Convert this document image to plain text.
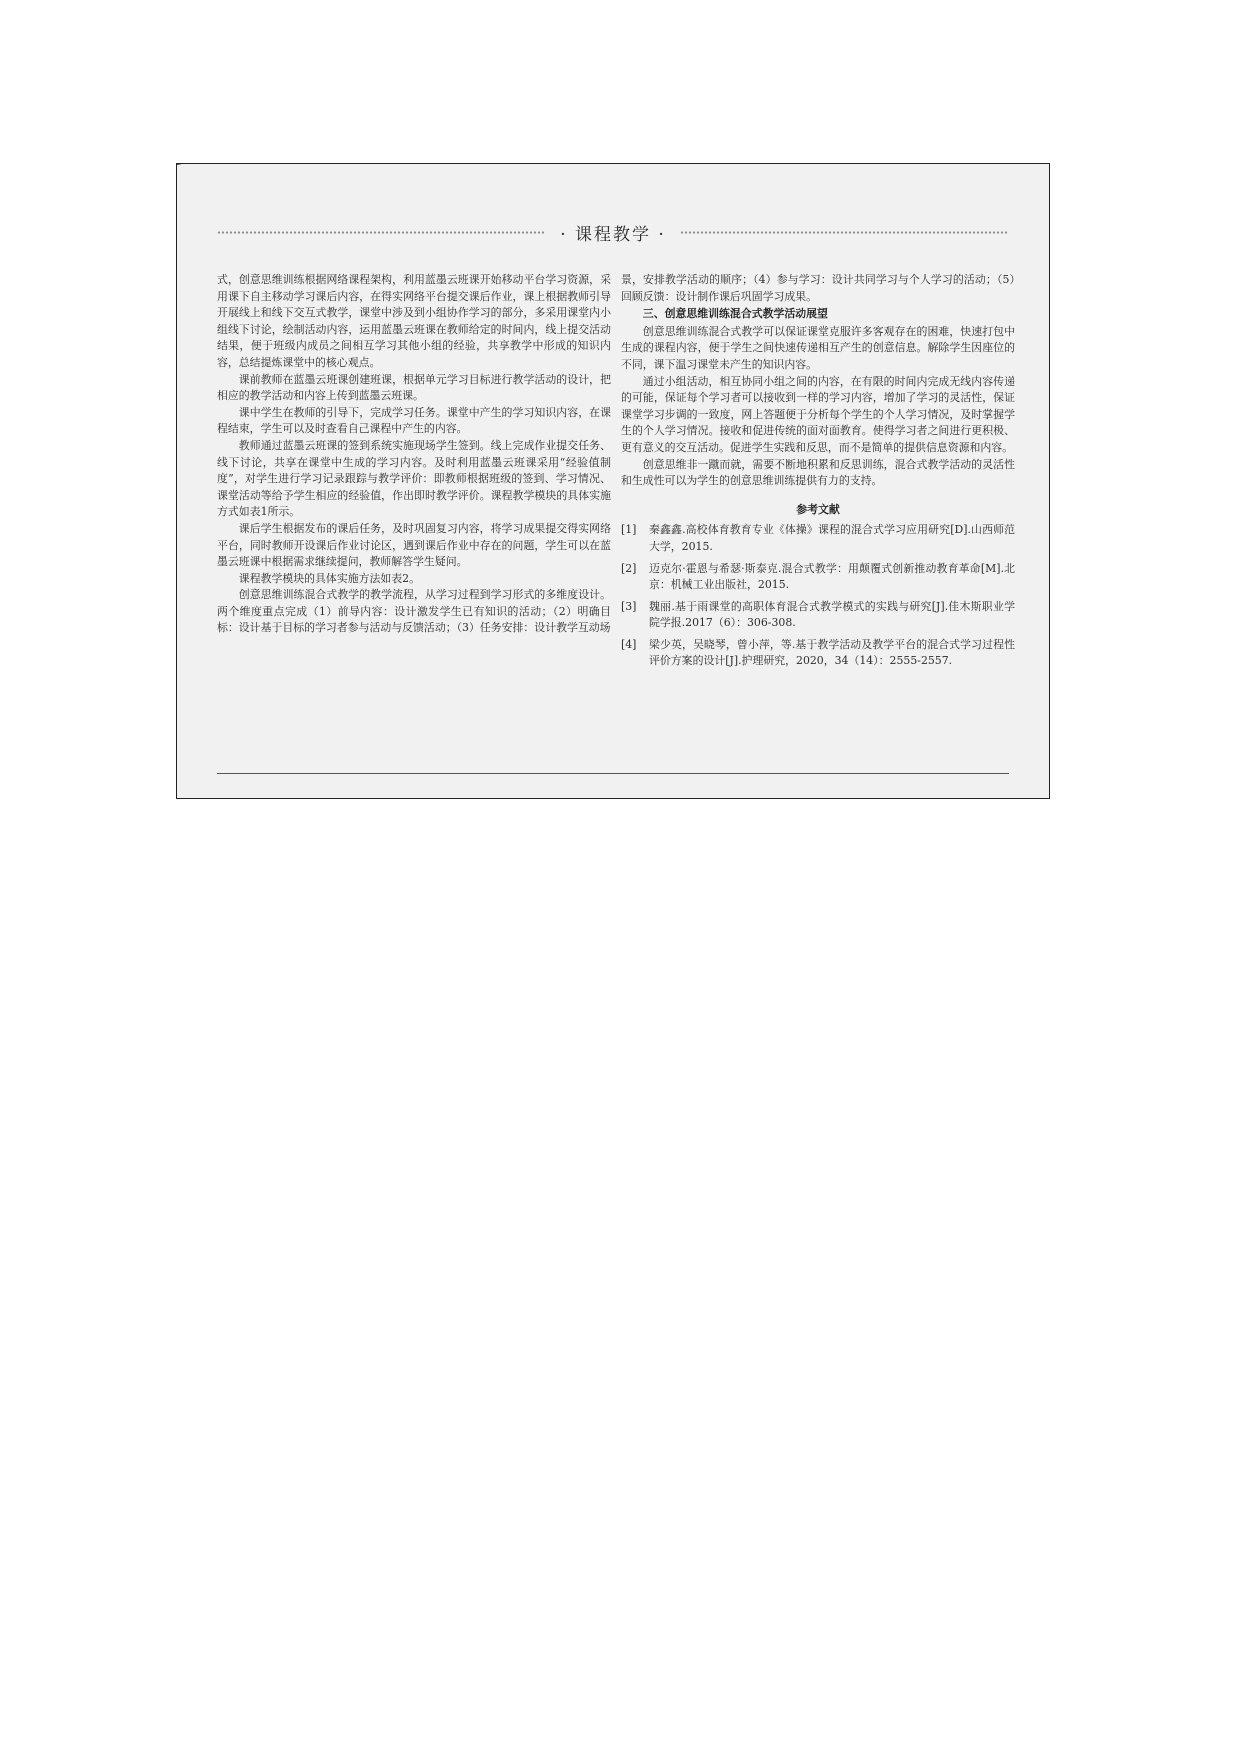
· 课程教学 ·

式，创意思维训练根据网络课程架构，利用蓝墨云班课开始移动平台学习资源，采用课下自主移动学习课后内容，在得实网络平台提交课后作业，课上根据教师引导开展线上和线下交互式教学，课堂中涉及到小组协作学习的部分，多采用课堂内小组线下讨论，绘制活动内容，运用蓝墨云班课在教师给定的时间内，线上提交活动结果，便于班级内成员之间相互学习其他小组的经验，共享教学中形成的知识内容，总结提炼课堂中的核心观点。

课前教师在蓝墨云班课创建班课，根据单元学习目标进行教学活动的设计，把相应的教学活动和内容上传到蓝墨云班课。

课中学生在教师的引导下，完成学习任务。课堂中产生的学习知识内容，在课程结束，学生可以及时查看自己课程中产生的内容。

教师通过蓝墨云班课的签到系统实施现场学生签到。线上完成作业提交任务、线下讨论，共享在课堂中生成的学习内容。及时利用蓝墨云班课采用“经验值制度”，对学生进行学习记录跟踪与教学评价：即教师根据班级的签到、学习情况、课堂活动等给予学生相应的经验值，作出即时教学评价。课程教学模块的具体实施方式如表1所示。

课后学生根据发布的课后任务，及时巩固复习内容，将学习成果提交得实网络平台，同时教师开设课后作业讨论区，遇到课后作业中存在的问题，学生可以在蓝墨云班课中根据需求继续提问，教师解答学生疑问。

课程教学模块的具体实施方法如表2。

创意思维训练混合式教学的教学流程，从学习过程到学习形式的多维度设计。两个维度重点完成（1）前导内容：设计激发学生已有知识的活动；（2）明确目标：设计基于目标的学习者参与活动与反馈活动；（3）任务安排：设计教学互动场

景，安排教学活动的顺序；（4）参与学习：设计共同学习与个人学习的活动；（5）回顾反馈：设计制作课后巩固学习成果。

三、创意思维训练混合式教学活动展望

创意思维训练混合式教学可以保证课堂克服许多客观存在的困难，快速打包中生成的课程内容，便于学生之间快速传递相互产生的创意信息。解除学生因座位的不同，课下温习课堂未产生的知识内容。

通过小组活动，相互协同小组之间的内容，在有限的时间内完成无线内容传递的可能，保证每个学习者可以接收到一样的学习内容，增加了学习的灵活性，保证课堂学习步调的一致度，网上答题便于分析每个学生的个人学习情况，及时掌握学生的个人学习情况。接收和促进传统的面对面教育。使得学习者之间进行更积极、更有意义的交互活动。促进学生实践和反思，而不是简单的提供信息资源和内容。

创意思维非一蹴而就，需要不断地积累和反思训练，混合式教学活动的灵活性和生成性可以为学生的创意思维训练提供有力的支持。

参考文献
[1]	秦鑫鑫.高校体育教育专业《体操》课程的混合式学习应用研究[D].山西师范大学，2015.
[2]	迈克尔·霍恩与希瑟·斯泰克.混合式教学：用颠覆式创新推动教育革命[M].北京：机械工业出版社，2015.
[3]	魏丽.基于雨课堂的高职体育混合式教学模式的实践与研究[J].佳木斯职业学院学报.2017（6）：306-308.
[4]	梁少英，吴晓琴，曾小萍，等.基于教学活动及教学平台的混合式学习过程性评价方案的设计[J].护理研究，2020，34（14）：2555-2557.
